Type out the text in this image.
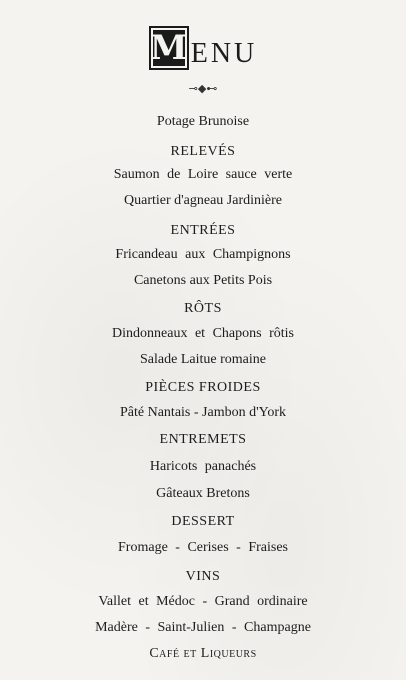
M ENU
⊸◆⊷
Potage Brunoise
RELEVÉS
Saumon de Loire sauce verte
Quartier d'agneau Jardinière
ENTRÉES
Fricandeau aux Champignons
Canetons aux Petits Pois
RÔTS
Dindonneaux et Chapons rôtis
Salade Laitue romaine
PIÈCES FROIDES
Pâté Nantais - Jambon d'York
ENTREMETS
Haricots panachés
Gâteaux Bretons
DESSERT
Fromage - Cerises - Fraises
VINS
Vallet et Médoc - Grand ordinaire
Madère - Saint-Julien - Champagne
Café et Liqueurs
